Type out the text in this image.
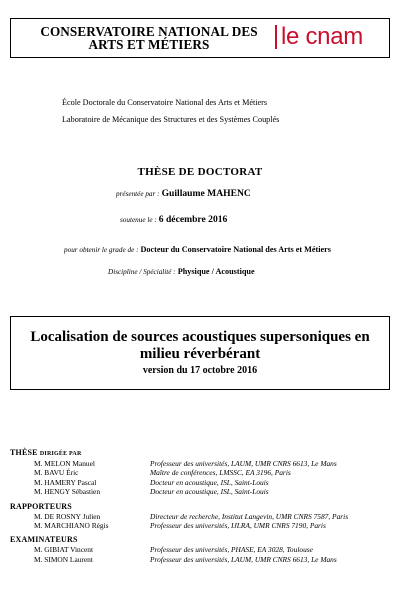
CONSERVATOIRE NATIONAL DES
ARTS ET MÉTIERS	le cnam
École Doctorale du Conservatoire National des Arts et Métiers
Laboratoire de Mécanique des Structures et des Systèmes Couplés
THÈSE DE DOCTORAT
présentée par : Guillaume MAHENC
soutenue le : 6 décembre 2016
pour obtenir le grade de : Docteur du Conservatoire National des Arts et Métiers
Discipline / Spécialité : Physique / Acoustique
Localisation de sources acoustiques supersoniques en
milieu réverbérant
version du 17 octobre 2016
THÈSE DIRIGÉE PAR
M. MELON Manuel	Professeur des universités, LAUM, UMR CNRS 6613, Le Mans
M. BAVU Éric	Maître de conférences, LMSSC, EA 3196, Paris
M. HAMERY Pascal	Docteur en acoustique, ISL, Saint-Louis
M. HENGY Sébastien	Docteur en acoustique, ISL, Saint-Louis
RAPPORTEURS
M. DE ROSNY Julien	Directeur de recherche, Institut Langevin, UMR CNRS 7587, Paris
M. MARCHIANO Régis	Professeur des universités, IJLRA, UMR CNRS 7190, Paris
EXAMINATEURS
M. GIBIAT Vincent	Professeur des universités, PHASE, EA 3028, Toulouse
M. SIMON Laurent	Professeur des universités, LAUM, UMR CNRS 6613, Le Mans
